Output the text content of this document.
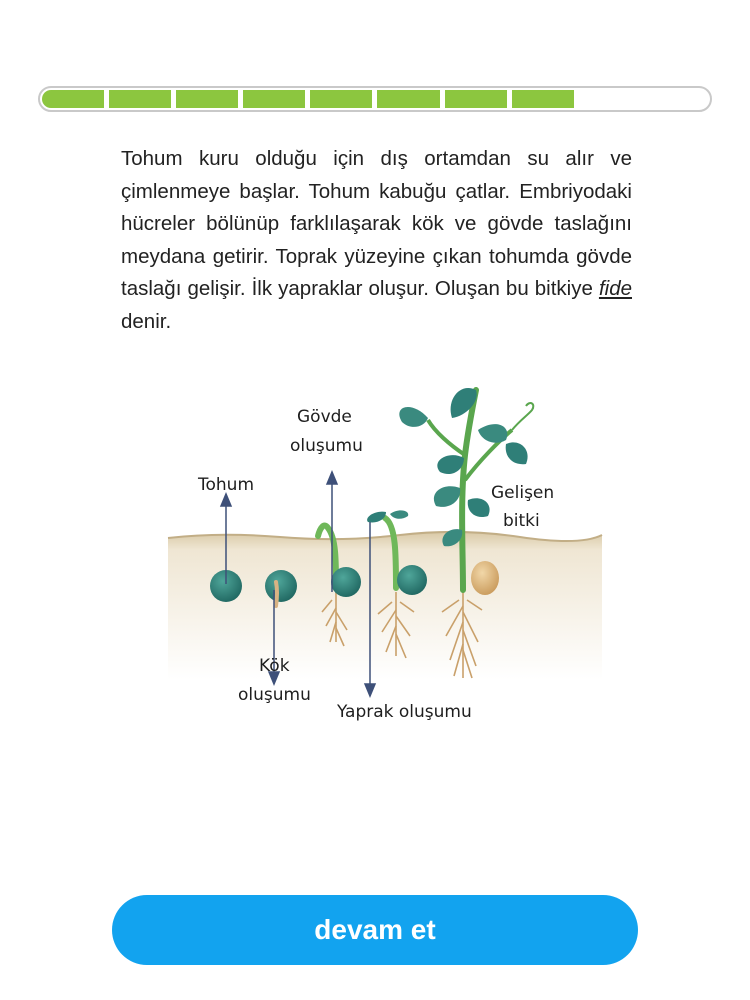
Tohum kuru olduğu için dış ortamdan su alır ve çimlenmeye başlar. Tohum kabuğu çatlar. Embriyodaki hücreler bölünüp farklılaşarak kök ve gövde taslağını meydana getirir. Toprak yüzeyine çıkan tohumda gövde taslağı gelişir. İlk yapraklar oluşur. Oluşan bu bitkiye fide denir.

Tohum
Gövde
oluşumu
Kök
oluşumu
Yaprak oluşumu
Gelişen
bitki
devam et
